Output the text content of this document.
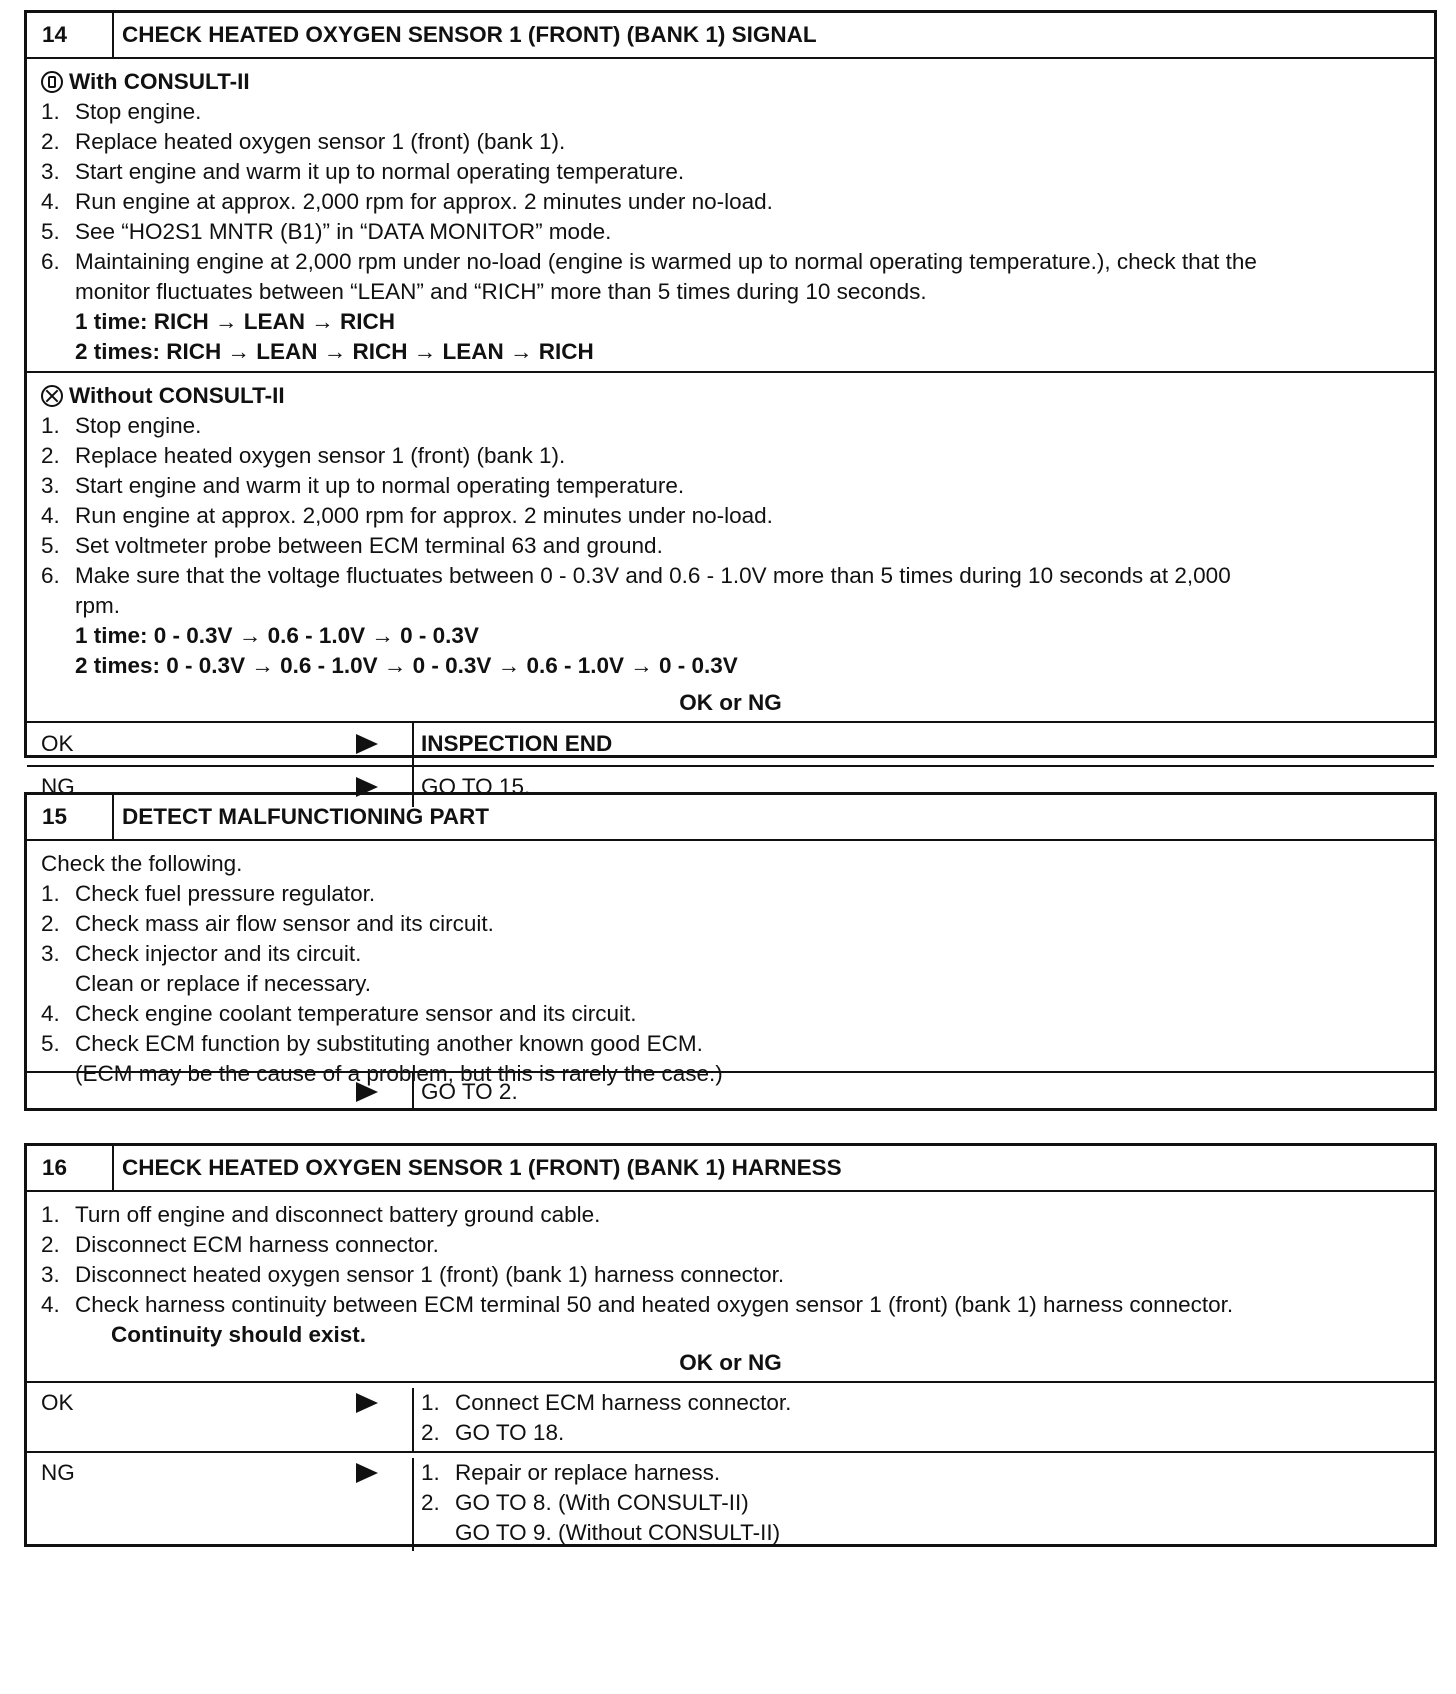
14	CHECK HEATED OXYGEN SENSOR 1 (FRONT) (BANK 1) SIGNAL
With CONSULT-II
1. Stop engine.
2. Replace heated oxygen sensor 1 (front) (bank 1).
3. Start engine and warm it up to normal operating temperature.
4. Run engine at approx. 2,000 rpm for approx. 2 minutes under no-load.
5. See “HO2S1 MNTR (B1)” in “DATA MONITOR” mode.
6. Maintaining engine at 2,000 rpm under no-load (engine is warmed up to normal operating temperature.), check that the
monitor fluctuates between “LEAN” and “RICH” more than 5 times during 10 seconds.
1 time: RICH → LEAN → RICH
2 times: RICH → LEAN → RICH → LEAN → RICH
Without CONSULT-II
1. Stop engine.
2. Replace heated oxygen sensor 1 (front) (bank 1).
3. Start engine and warm it up to normal operating temperature.
4. Run engine at approx. 2,000 rpm for approx. 2 minutes under no-load.
5. Set voltmeter probe between ECM terminal 63 and ground.
6. Make sure that the voltage fluctuates between 0 - 0.3V and 0.6 - 1.0V more than 5 times during 10 seconds at 2,000
rpm.
1 time: 0 - 0.3V → 0.6 - 1.0V → 0 - 0.3V
2 times: 0 - 0.3V → 0.6 - 1.0V → 0 - 0.3V → 0.6 - 1.0V → 0 - 0.3V
OK or NG
OK	INSPECTION END
NG	GO TO 15.
15	DETECT MALFUNCTIONING PART
Check the following.
1. Check fuel pressure regulator.
2. Check mass air flow sensor and its circuit.
3. Check injector and its circuit.
Clean or replace if necessary.
4. Check engine coolant temperature sensor and its circuit.
5. Check ECM function by substituting another known good ECM.
(ECM may be the cause of a problem, but this is rarely the case.)
GO TO 2.
16	CHECK HEATED OXYGEN SENSOR 1 (FRONT) (BANK 1) HARNESS
1. Turn off engine and disconnect battery ground cable.
2. Disconnect ECM harness connector.
3. Disconnect heated oxygen sensor 1 (front) (bank 1) harness connector.
4. Check harness continuity between ECM terminal 50 and heated oxygen sensor 1 (front) (bank 1) harness connector.
Continuity should exist.
OK or NG
OK	1. Connect ECM harness connector.
2. GO TO 18.
NG	1. Repair or replace harness.
2. GO TO 8. (With CONSULT-II)
GO TO 9. (Without CONSULT-II)
